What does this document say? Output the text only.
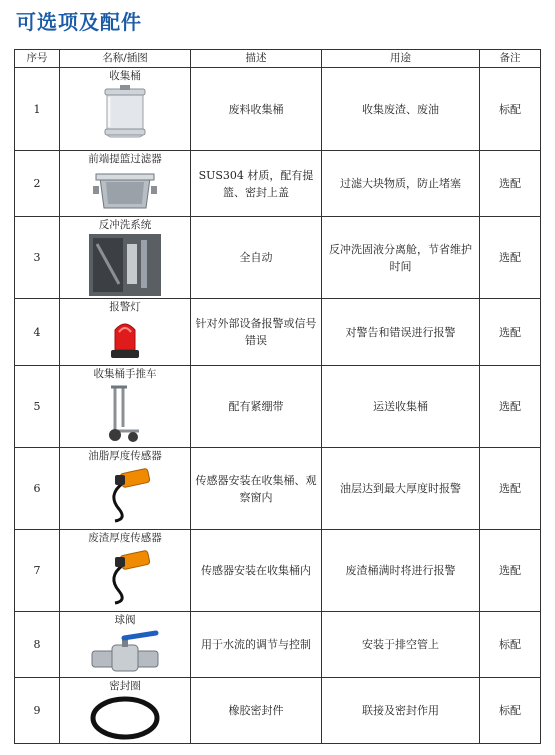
可选项及配件
序号	名称/插图	描述	用途	备注
1	收集桶	废料收集桶	收集废渣、废油	标配
2	前端提篮过滤器	SUS304 材质，配有提篮、密封上盖	过滤大块物质，防止堵塞	选配
3	反冲洗系统	全自动	反冲洗固液分离舱，节省维护时间	选配
4	报警灯	针对外部设备报警或信号错误	对警告和错误进行报警	选配
5	收集桶手推车	配有紧绷带	运送收集桶	选配
6	油脂厚度传感器	传感器安装在收集桶、观察窗内	油层达到最大厚度时报警	选配
7	废渣厚度传感器	传感器安装在收集桶内	废渣桶满时将进行报警	选配
8	球阀	用于水流的调节与控制	安装于排空管上	标配
9	密封圈	橡胶密封件	联接及密封作用	标配
